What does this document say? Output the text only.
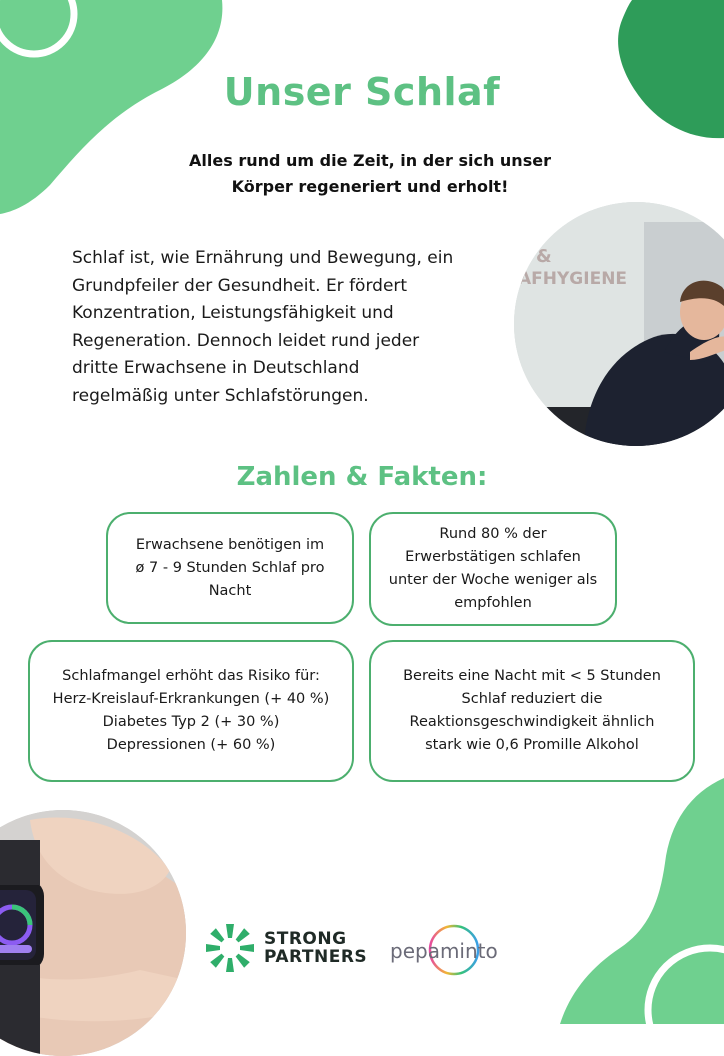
Unser Schlaf
Alles rund um die Zeit, in der sich unser
Körper regeneriert und erholt!
Schlaf ist, wie Ernährung und Bewegung, ein
Grundpfeiler der Gesundheit. Er fördert
Konzentration, Leistungsfähigkeit und
Regeneration. Dennoch leidet rund jeder
dritte Erwachsene in Deutschland
regelmäßig unter Schlafstörungen.
&
AFHYGIENE
Zahlen & Fakten:
Erwachsene benötigen im
ø 7 - 9 Stunden Schlaf pro
Nacht
Rund 80 % der
Erwerbstätigen schlafen
unter der Woche weniger als
empfohlen
Schlafmangel erhöht das Risiko für:
Herz-Kreislauf-Erkrankungen (+ 40 %)
Diabetes Typ 2 (+ 30 %)
Depressionen (+ 60 %)
Bereits eine Nacht mit < 5 Stunden
Schlaf reduziert die
Reaktionsgeschwindigkeit ähnlich
stark wie 0,6 Promille Alkohol
STRONG
PARTNERS pepaminto
